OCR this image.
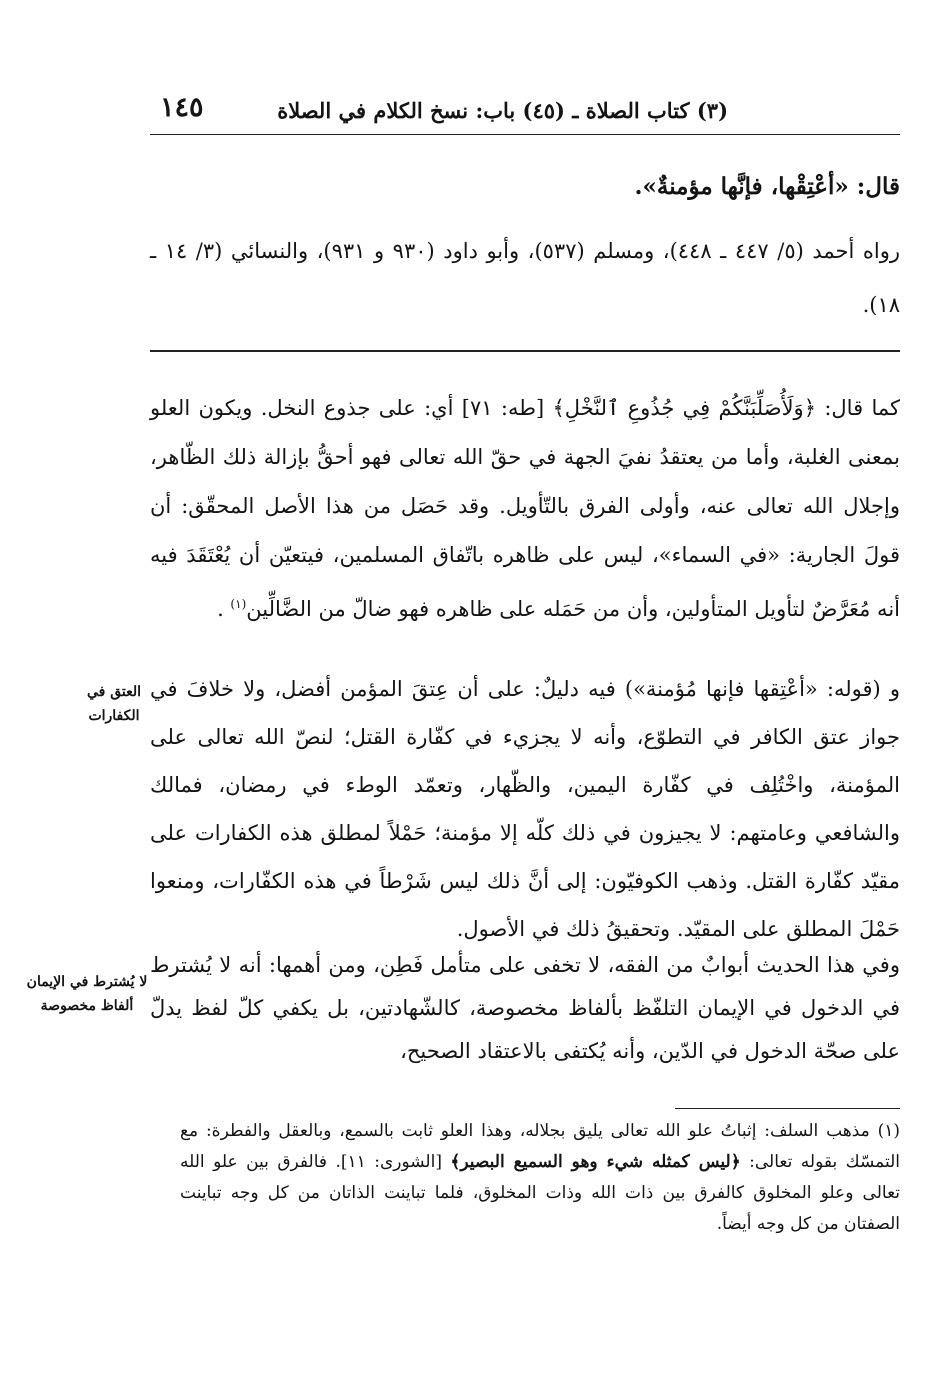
(٣) كتاب الصلاة ـ (٤٥) باب: نسخ الكلام في الصلاة
١٤٥
قال: «أعْتِقْها، فإنَّها مؤمنةٌ».
رواه أحمد (٥/ ٤٤٧ ـ ٤٤٨)، ومسلم (٥٣٧)، وأبو داود (٩٣٠ و ٩٣١)، والنسائي (٣/ ١٤ ـ ١٨).
كما قال: ﴿وَلَأُصَلِّبَنَّكُمْ فِي جُذُوعِ ٱلنَّخْلِ﴾ [طه: ٧١] أي: على جذوع النخل. ويكون العلو بمعنى الغلبة، وأما من يعتقدُ نفيَ الجهة في حقّ الله تعالى فهو أحقُّ بإزالة ذلك الظّاهر، وإجلال الله تعالى عنه، وأولى الفرق بالتّأويل. وقد حَصَل من هذا الأصل المحقّق: أن قولَ الجارية: «في السماء»، ليس على ظاهره باتّفاق المسلمين، فيتعيّن أن يُعْتَقَدَ فيه أنه مُعَرَّضٌ لتأويل المتأولين، وأن من حَمَله على ظاهره فهو ضالّ من الضَّالِّين$^{(١)}$ .
و (قوله: «أعْتِقها فإنها مُؤمنة») فيه دليلٌ: على أن عِتقَ المؤمن أفضل، ولا خلافَ في جواز عتق الكافر في التطوّع، وأنه لا يجزيء في كفّارة القتل؛ لنصّ الله تعالى على المؤمنة، واخْتُلِف في كفّارة اليمين، والظّهار، وتعمّد الوطء في رمضان، فمالك والشافعي وعامتهم: لا يجيزون في ذلك كلّه إلا مؤمنة؛ حَمْلاً لمطلق هذه الكفارات على مقيّد كفّارة القتل. وذهب الكوفيّون: إلى أنَّ ذلك ليس شَرْطاً في هذه الكفّارات، ومنعوا حَمْلَ المطلق على المقيّد. وتحقيقُ ذلك في الأصول.
العتق في الكفارات
وفي هذا الحديث أبوابٌ من الفقه، لا تخفى على متأمل فَطِن، ومن أهمها: أنه لا يُشترط في الدخول في الإيمان التلفّظ بألفاظ مخصوصة، كالشّهادتين، بل يكفي كلّ لفظ يدلّ على صحّة الدخول في الدّين، وأنه يُكتفى بالاعتقاد الصحيح،
لا يُشترط في الإيمان ألفاظ مخصوصة
(١) مذهب السلف: إثباتُ علو الله تعالى يليق بجلاله، وهذا العلو ثابت بالسمع، وبالعقل والفطرة: مع التمسّك بقوله تعالى: ﴿ليس كمثله شيء وهو السميع البصير﴾ [الشورى: ١١]. فالفرق بين علو الله تعالى وعلو المخلوق كالفرق بين ذات الله وذات المخلوق، فلما تباينت الذاتان من كل وجه تباينت الصفتان من كل وجه أيضاً.
